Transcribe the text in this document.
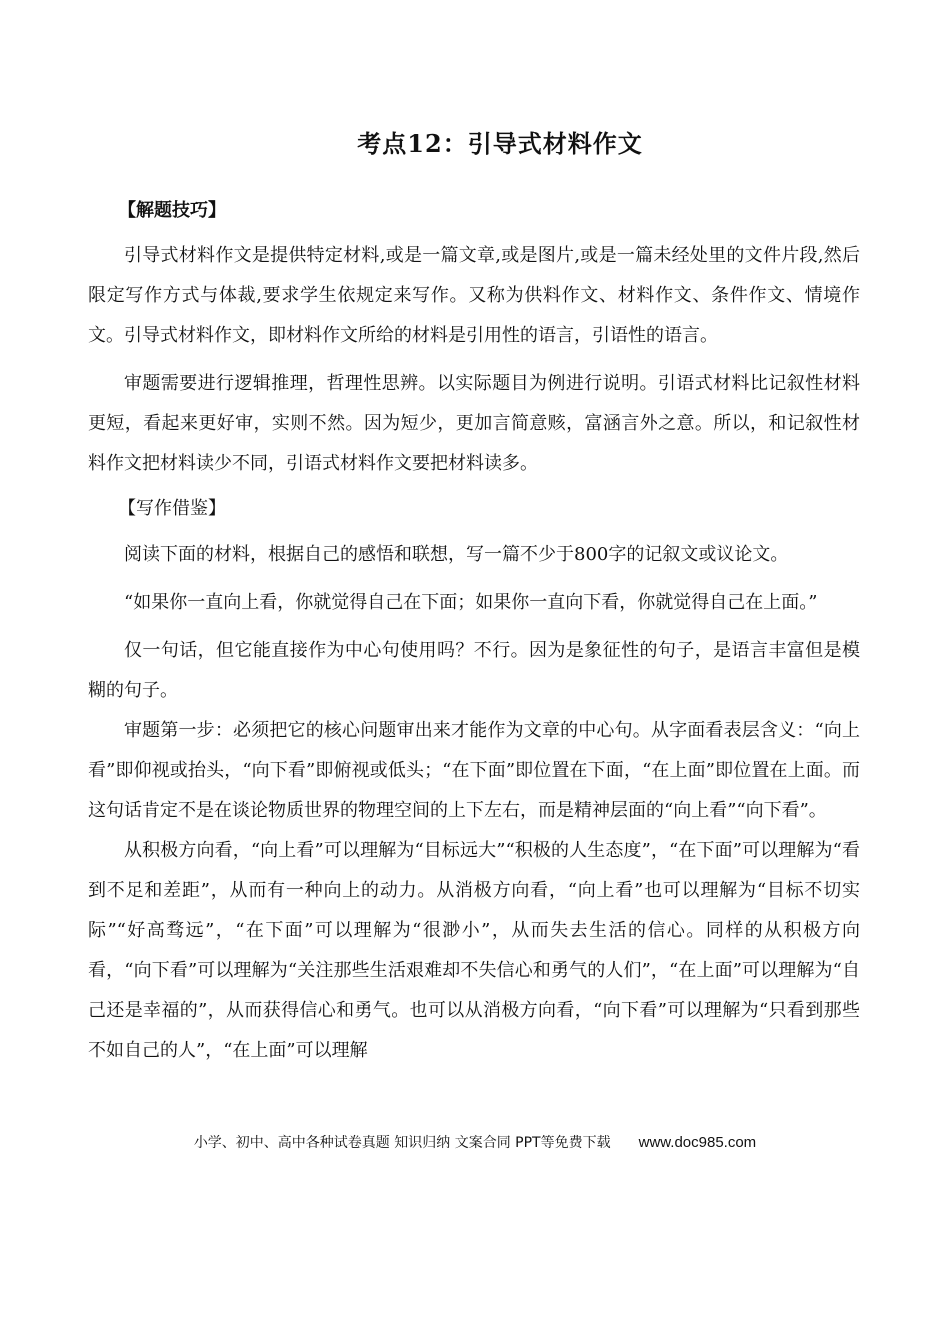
考点12：引导式材料作文
【解题技巧】

引导式材料作文是提供特定材料,或是一篇文章,或是图片,或是一篇未经处里的文件片段,然后限定写作方式与体裁,要求学生依规定来写作。又称为供料作文、材料作文、条件作文、情境作文。引导式材料作文，即材料作文所给的材料是引用性的语言，引语性的语言。

审题需要进行逻辑推理，哲理性思辨。以实际题目为例进行说明。引语式材料比记叙性材料更短，看起来更好审，实则不然。因为短少，更加言简意赅，富涵言外之意。所以，和记叙性材料作文把材料读少不同，引语式材料作文要把材料读多。

【写作借鉴】

阅读下面的材料，根据自己的感悟和联想，写一篇不少于800字的记叙文或议论文。

“如果你一直向上看，你就觉得自己在下面；如果你一直向下看，你就觉得自己在上面。”

仅一句话，但它能直接作为中心句使用吗？不行。因为是象征性的句子，是语言丰富但是模糊的句子。

审题第一步：必须把它的核心问题审出来才能作为文章的中心句。从字面看表层含义：“向上看”即仰视或抬头，“向下看”即俯视或低头；“在下面”即位置在下面，“在上面”即位置在上面。而这句话肯定不是在谈论物质世界的物理空间的上下左右，而是精神层面的“向上看”“向下看”。

从积极方向看，“向上看”可以理解为“目标远大”“积极的人生态度”，“在下面”可以理解为“看到不足和差距”，从而有一种向上的动力。从消极方向看，“向上看”也可以理解为“目标不切实际”“好高骛远”，“在下面”可以理解为“很渺小”，从而失去生活的信心。同样的从积极方向看，“向下看”可以理解为“关注那些生活艰难却不失信心和勇气的人们”，“在上面”可以理解为“自己还是幸福的”，从而获得信心和勇气。也可以从消极方向看，“向下看”可以理解为“只看到那些不如自己的人”，“在上面”可以理解

小学、初中、高中各种试卷真题 知识归纳 文案合同 PPT等免费下载 www.doc985.com
